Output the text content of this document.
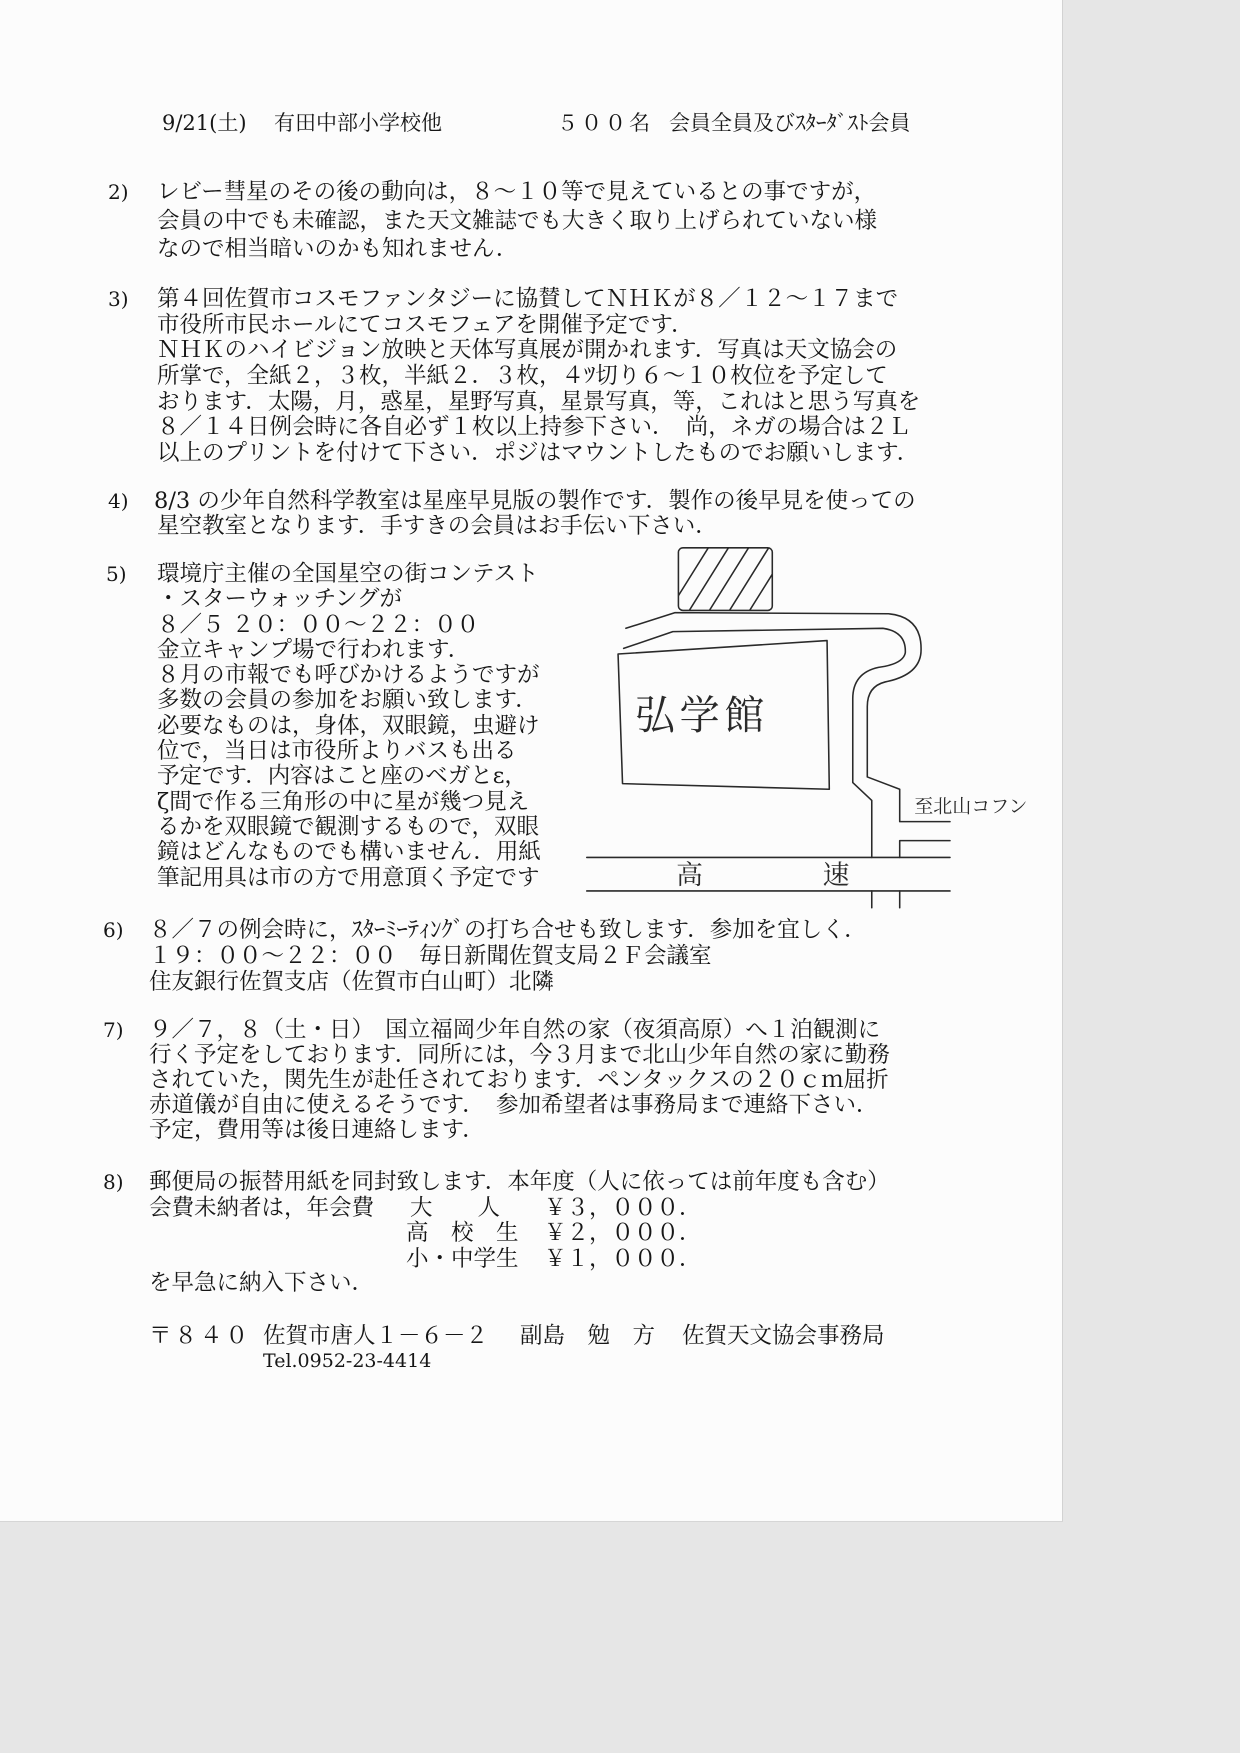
9/21(土) 有田中部小学校他	５００名 会員全員及びｽﾀｰﾀﾞｽﾄ会員
2) レビー彗星のその後の動向は，８～１０等で見えているとの事ですが，
会員の中でも未確認，また天文雑誌でも大きく取り上げられていない様
なので相当暗いのかも知れません．
3) 第４回佐賀市コスモファンタジーに協賛してＮＨＫが８／１２～１７まで
市役所市民ホールにてコスモフェアを開催予定です．
ＮＨＫのハイビジョン放映と天体写真展が開かれます．写真は天文協会の
所掌で，全紙２，３枚，半紙２．３枚，４ﾂ切り６～１０枚位を予定して
おります．太陽，月，惑星，星野写真，星景写真，等，これはと思う写真を
８／１４日例会時に各自必ず１枚以上持参下さい．　尚，ネガの場合は２Ｌ
以上のプリントを付けて下さい．ポジはマウントしたものでお願いします．
4) 8/3 の少年自然科学教室は星座早見版の製作です．製作の後早見を使っての
星空教室となります．手すきの会員はお手伝い下さい．
5) 環境庁主催の全国星空の街コンテスト
・スターウォッチングが
８／５ ２０：００～２２：００
金立キャンプ場で行われます．
８月の市報でも呼びかけるようですが
多数の会員の参加をお願い致します．
必要なものは，身体，双眼鏡，虫避け
位で，当日は市役所よりバスも出る
予定です．内容はこと座のベガとε，
ζ間で作る三角形の中に星が幾つ見え
るかを双眼鏡で観測するもので，双眼
鏡はどんなものでも構いません．用紙
筆記用具は市の方で用意頂く予定です
弘学館
至北山コフン
高速
6) ８／７の例会時に，ｽﾀｰﾐｰﾃｨﾝｸﾞの打ち合せも致します．参加を宜しく．
１９：００～２２：００　毎日新聞佐賀支局２Ｆ会議室
住友銀行佐賀支店（佐賀市白山町）北隣
7) ９／７，８（土・日）　国立福岡少年自然の家（夜須高原）へ１泊観測に
行く予定をしております．同所には，今３月まで北山少年自然の家に勤務
されていた，関先生が赴任されております．ペンタックスの２０ｃｍ屈折
赤道儀が自由に使えるそうです．　参加希望者は事務局まで連絡下さい．
予定，費用等は後日連絡します．
8) 郵便局の振替用紙を同封致します．本年度（人に依っては前年度も含む）
会費未納者は，年会費 大　　人 ￥３，０００．
高　校　生 ￥２，０００．
小・中学生 ￥１，０００．
を早急に納入下さい．
〒８４０ 佐賀市唐人１－６－２ 副島　勉　方 佐賀天文協会事務局
Tel.0952-23-4414
